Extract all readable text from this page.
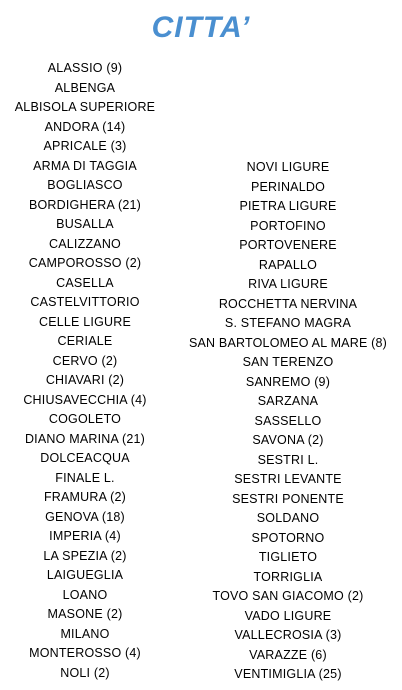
CITTA’
ALASSIO (9)
ALBENGA
ALBISOLA SUPERIORE
ANDORA (14)
APRICALE (3)
ARMA DI TAGGIA
BOGLIASCO
BORDIGHERA (21)
BUSALLA
CALIZZANO
CAMPOROSSO (2)
CASELLA
CASTELVITTORIO
CELLE LIGURE
CERIALE
CERVO (2)
CHIAVARI (2)
CHIUSAVECCHIA (4)
COGOLETO
DIANO MARINA (21)
DOLCEACQUA
FINALE L.
FRAMURA (2)
GENOVA (18)
IMPERIA (4)
LA SPEZIA (2)
LAIGUEGLIA
LOANO
MASONE (2)
MILANO
MONTEROSSO (4)
NOLI (2)
NOVI LIGURE
PERINALDO
PIETRA LIGURE
PORTOFINO
PORTOVENERE
RAPALLO
RIVA LIGURE
ROCCHETTA NERVINA
S. STEFANO MAGRA
SAN BARTOLOMEO AL MARE (8)
SAN TERENZO
SANREMO (9)
SARZANA
SASSELLO
SAVONA (2)
SESTRI L.
SESTRI LEVANTE
SESTRI PONENTE
SOLDANO
SPOTORNO
TIGLIETO
TORRIGLIA
TOVO SAN GIACOMO (2)
VADO LIGURE
VALLECROSIA (3)
VARAZZE (6)
VENTIMIGLIA (25)
